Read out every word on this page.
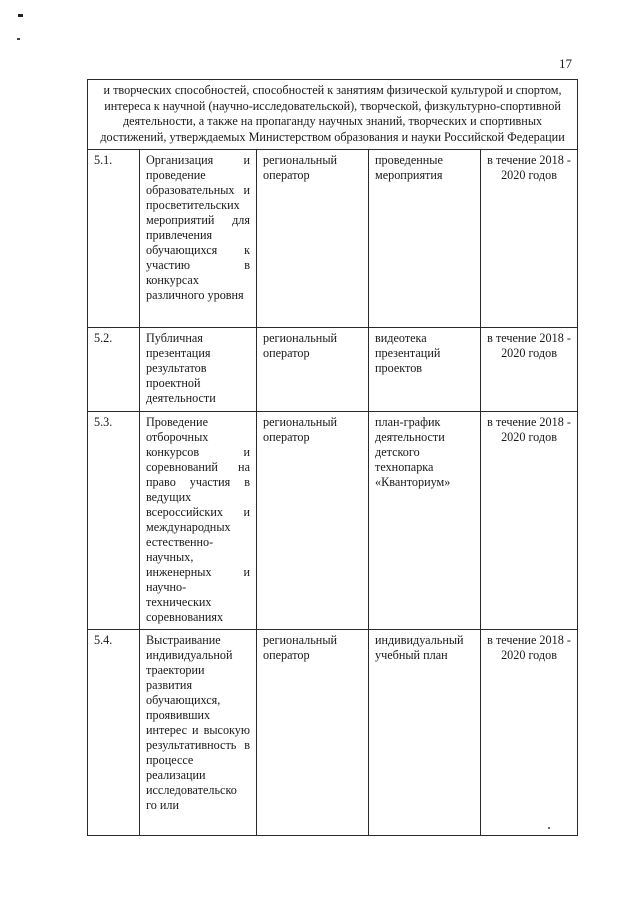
17
и творческих способностей, способностей к занятиям физической культурой и спортом, интереса к научной (научно-исследовательской), творческой, физкультурно-спортивной деятельности, а также на пропаганду научных знаний, творческих и спортивных достижений, утверждаемых Министерством образования и науки Российской Федерации				
5.1.	Организация и проведение образовательных и просветительских мероприятий для привлечения обучающихся к участию в конкурсах различного уровня	региональный оператор	проведенные мероприятия	в течение 2018 - 2020 годов
5.2.	Публичная презентация результатов проектной деятельности	региональный оператор	видеотека презентаций проектов	в течение 2018 - 2020 годов
5.3.	Проведение отборочных конкурсов и соревнований на право участия в ведущих всероссийских и международных естественно-научных, инженерных и научно-технических соревнованиях	региональный оператор	план-график деятельности детского технопарка «Кванториум»	в течение 2018 - 2020 годов
5.4.	Выстраивание индивидуальной траектории развития обучающихся, проявивших интерес и высокую результативность в процессе реализации исследовательско го или	региональный оператор	индивидуальный учебный план	в течение 2018 - 2020 годов
